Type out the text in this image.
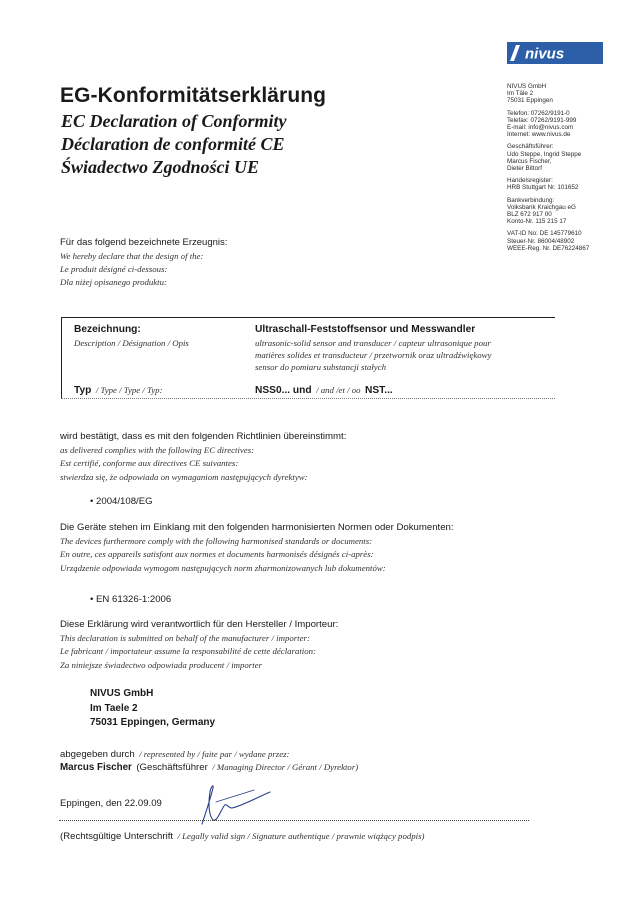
nivus
EG-Konformitätserklärung
EC Declaration of Conformity
Déclaration de conformité CE
Świadectwo Zgodności UE
NIVUS GmbH
Im Täle 2
75031 Eppingen
Telefon: 07262/9191-0
Telefax: 07262/9191-999
E-mail: info@nivus.com
Internet: www.nivus.de
Geschäftsführer:
Udo Steppe, Ingrid Steppe
Marcus Fischer,
Dieter Bittorf
Handelsregister:
HRB Stuttgart Nr. 101652
Bankverbindung:
Volksbank Kraichgau eG
BLZ 672 917 00
Konto-Nr. 115 215 17
VAT-ID No: DE 145779610
Steuer-Nr. 86004/48902
WEEE-Reg. Nr. DE76224867
Für das folgend bezeichnete Erzeugnis:
We hereby declare that the design of the:
Le produit désigné ci-dessous:
Dla niżej opisanego produktu:
Bezeichnung:
Description / Désignation / Opis
Ultraschall-Feststoffsensor und Messwandler
ultrasonic-solid sensor and transducer / capteur ultrasonique pour
matières solides et transducteur / przetwornik oraz ultradźwiękowy
sensor do pomiaru substancji stałych
Typ / Type / Type / Typ:	NSS0... und / and /et / oo NST...
wird bestätigt, dass es mit den folgenden Richtlinien übereinstimmt:
as delivered complies with the following EC directives:
Est certifié, conforme aux directives CE suivantes:
stwierdza się, że odpowiada on wymaganiom następujących dyrektyw:
• 2004/108/EG
Die Geräte stehen im Einklang mit den folgenden harmonisierten Normen oder Dokumenten:
The devices furthermore comply with the following harmonised standards or documents:
En outre, ces appareils satisfont aux normes et documents harmonisés désignés ci-après:
Urządzenie odpowiada wymogom następujących norm zharmonizowanych lub dokumentów:
• EN 61326-1:2006
Diese Erklärung wird verantwortlich für den Hersteller / Importeur:
This declaration is submitted on behalf of the manufacturer / importer:
Le fabricant / importateur assume la responsabilité de cette déclaration:
Za niniejsze świadectwo odpowiada producent / importer
NIVUS GmbH
Im Taele 2
75031 Eppingen, Germany
abgegeben durch / represented by / faite par / wydane przez:
Marcus Fischer (Geschäftsführer / Managing Director / Gérant / Dyrektor)
Eppingen, den 22.09.09
(Rechtsgültige Unterschrift / Legally valid sign / Signature authentique / prawnie wiążący podpis)
